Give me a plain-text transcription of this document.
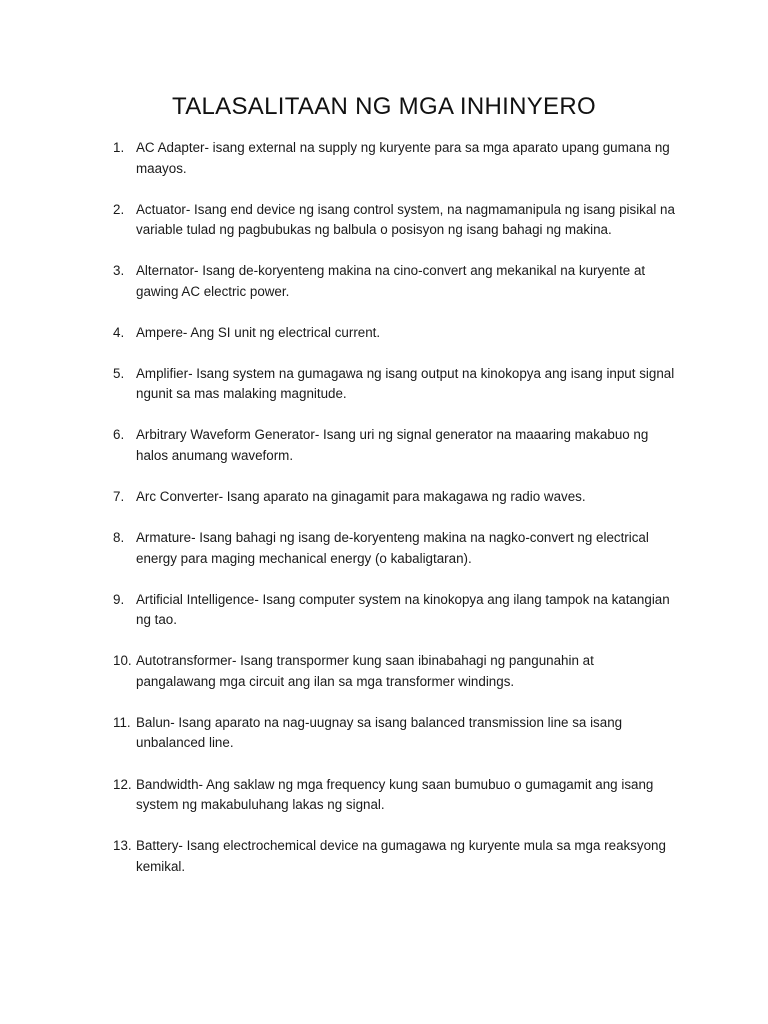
TALASALITAAN NG MGA INHINYERO
1. AC Adapter- isang external na supply ng kuryente para sa mga aparato upang gumana ng maayos.
2. Actuator- Isang end device ng isang control system, na nagmamanipula ng isang pisikal na variable tulad ng pagbubukas ng balbula o posisyon ng isang bahagi ng makina.
3. Alternator- Isang de-koryenteng makina na cino-convert ang mekanikal na kuryente at gawing AC electric power.
4. Ampere- Ang SI unit ng electrical current.
5. Amplifier- Isang system na gumagawa ng isang output na kinokopya ang isang input signal ngunit sa mas malaking magnitude.
6. Arbitrary Waveform Generator- Isang uri ng signal generator na maaaring makabuo ng halos anumang waveform.
7. Arc Converter- Isang aparato na ginagamit para makagawa ng radio waves.
8. Armature- Isang bahagi ng isang de-koryenteng makina na nagko-convert ng electrical energy para maging mechanical energy (o kabaligtaran).
9. Artificial Intelligence- Isang computer system na kinokopya ang ilang tampok na katangian ng tao.
10. Autotransformer- Isang transpormer kung saan ibinabahagi ng pangunahin at pangalawang mga circuit ang ilan sa mga transformer windings.
11. Balun- Isang aparato na nag-uugnay sa isang balanced transmission line sa isang unbalanced line.
12. Bandwidth- Ang saklaw ng mga frequency kung saan bumubuo o gumagamit ang isang system ng makabuluhang lakas ng signal.
13. Battery- Isang electrochemical device na gumagawa ng kuryente mula sa mga reaksyong kemikal.
